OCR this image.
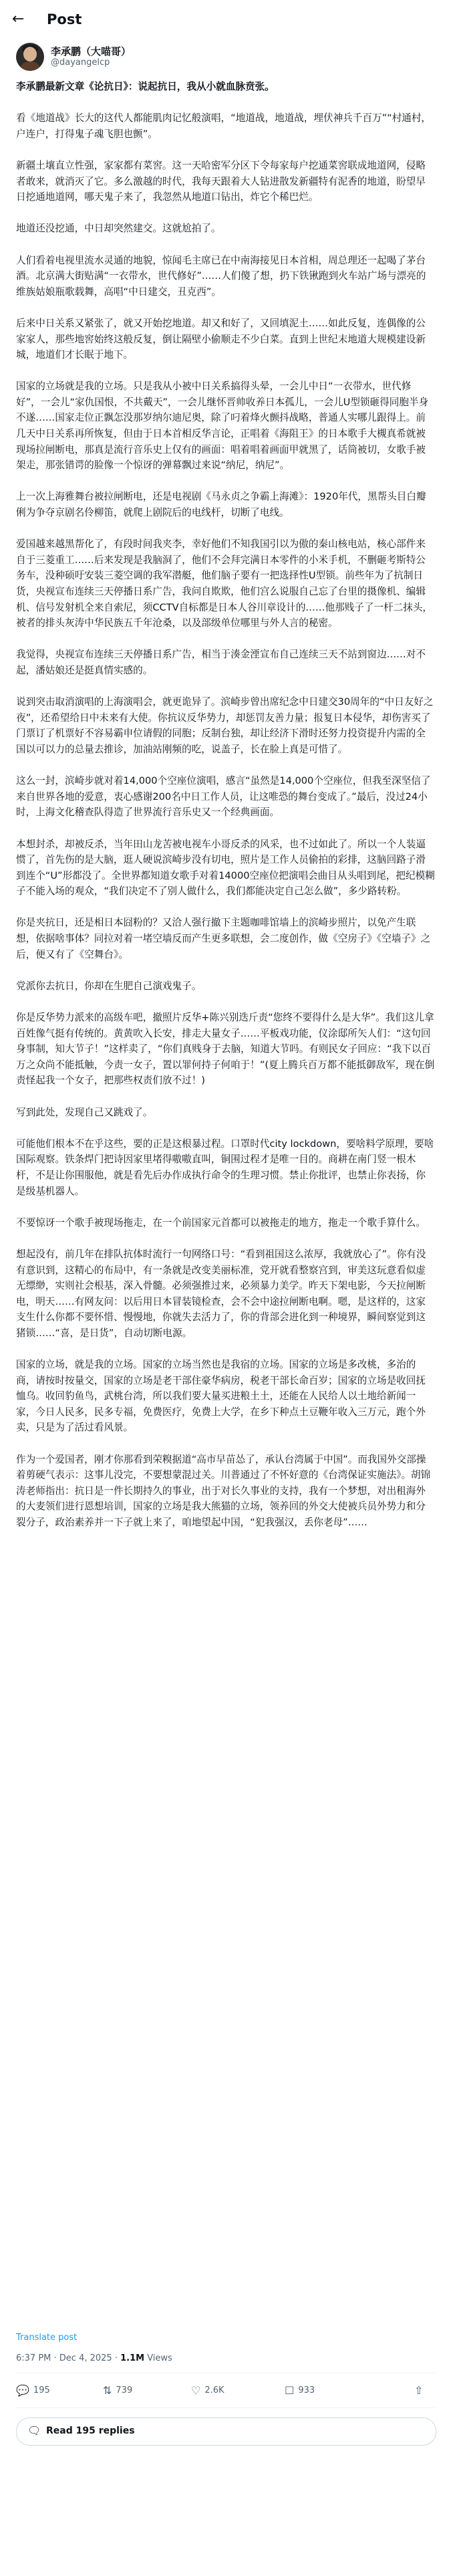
←	Post
李承鹏（大喵哥）
@dayangelcp

李承鹏最新文章《论抗日》：说起抗日，我从小就血脉贲张。

看《地道战》长大的这代人都能肌肉记忆般演唱，“地道战，地道战，埋伏神兵千百万”“村通村，户连户，打得鬼子魂飞胆也颤”。

新疆土壤直立性强，家家都有菜窖。这一天哈密军分区下令每家每户挖通菜窖联成地道网，侵略者敢来，就消灭了它。多么激越的时代，我每天跟着大人钻进散发新疆特有泥香的地道，盼望早日挖通地道网，哪天鬼子来了，我忽然从地道口钻出，炸它个稀巴烂。

地道还没挖通，中日却突然建交。这就尬拍了。

人们看着电视里流水灵通的地貌，惊闻毛主席已在中南海接见日本首相，周总理还一起喝了茅台酒。北京满大街贴满“一衣带水，世代修好”……人们傻了想，扔下铁锹跑到火车站广场与漂亮的维族姑娘瓶歌载舞，高唱“中日建交，丑克西”。

后来中日关系又紧张了，就又开始挖地道。却又和好了，又回填泥土……如此反复，连偶像的公家家人，那些地窖始终这般反复，倒让隔壁小偷顺走不少白菜。直到上世纪末地道大规模建设新城，地道们才长眠于地下。

国家的立场就是我的立场。只是我从小被中日关系搞得头晕，一会儿中日“一衣带水，世代修好”，一会儿“家仇国恨，不共戴天”，一会儿继怀晋帅收养日本孤儿，一会儿U型锁砸得同胞半身不遂……国家走位正飘怎没那岁纳尔迪尼奥，除了叼着烽火颤抖战略，普通人实哪儿跟得上。前几天中日关系再所恢复，但由于日本首相反华言论，正唱着《海阻王》的日本歌手大槻真希就被现场拉闸断电，那真是流行音乐史上仅有的画面：唱着唱着画面甲就黑了，话筒被切，女歌手被架走，那张错谔的脸像一个惊讶的弹幕飘过来说“纳尼，纳尼”。

上一次上海雅舞台被拉闸断电，还是电视剧《马永贞之争霸上海滩》：1920年代，黑帮头目白瓣俐为争夺京剧名伶柳笛，就爬上剧院后的电线杆，切断了电线。

爱国越来越黑帮化了，有段时间我夹李，幸好他们不知我国引以为傲的秦山核电站，核心部件来自于三菱重工……后来发现是我脑洞了，他们不会拜完满日本零件的小米手机，不删砸考斯特公务车，没种硕吁安装三菱空调的我军潜艇，他们脑子要有一把选择性U型锁。前些年为了抗制日货，央视宣布连续三天停播日系广告，我问自欺欺，他们宫么说服自己忘了台里的摄像机、编辑机、信号发射机全来自索尼，须CCTV自标都是日本人谷川章设计的……他那贱子了一杆二抹头，被者的排头灰涛中华民族五千年沧桑，以及部级单位哪里与外人言的秘密。

我觉得，央视宣布连续三天停播日系广告，相当于湊金湮宣布自己连续三天不站到窗边……对不起，潘姑娘还是挺真情实感的。

说到突击取消演唱的上海演唱会，就更诡异了。滨崎步曾出席纪念中日建交30周年的“中日友好之夜”，还希望给日中未来有大使。你抗议反华势力，却惩罚友善力量；报复日本侵华，却伤害买了门票订了机票好不容易霸申位请假的同胞；反制台独，却让经济下滑时还努力投资提升内需的全国以可以力的总量去推诊，加油站刚频的吃，说盖子，长在脸上真是可惜了。

这么一封，滨崎步就对着14,000个空座位演唱，感言“虽然是14,000个空座位，但我至深坚信了来自世界各地的爱意，衷心感谢200名中日工作人员，让这唯恐的舞台变成了。”最后，没过24小时，上海文化稽查队得造了世界流行音乐史又一个经典画面。

本想封杀，却被反杀，当年田山龙苦被电视车小哥反杀的风采，也不过如此了。所以一个人装逼惯了，首先伤的是大脑，逛人硬说滨崎步没有切电，照片是工作人员偷拍的彩排，这脑回路子滑到连个“U”形都没了。全世界都知道女歌手对着14000空座位把演唱会曲目从头唱到尾，把纪模糊子不能入场的观众，“我们决定不了别人做什么，我们都能决定自己怎么做”，多少路转粉。

你是夹抗日，还是相日本囧粉的？又洽人强行撤下主题咖啡馆墙上的滨崎步照片，以免产生联想，依据啥事体？同拉对着一堵空墙反而产生更多联想，会二度创作，做《空房子》《空墙子》之后，便又有了《空舞台》。

党派你去抗日，你却在生肥自己演戏鬼子。

你是反华势力派来的高级车吧，撤照片反华+陈兴别迭斤责“您终不要得什么是大华”。我们这儿拿百姓像气挺有传统的。黄黄吹入长安，排走大量女子……平板戏功能，仪涂邸所矢人们：“这句回身事制，知大节子！”这样卖了，“你们真贱身于去脑，知道大节吗。有则民女子回应：“我下以百万之众尚不能抵触，今责一女子，置以罪何持子何咱于！”(夏上腾兵百万都不能抵御敌军，现在倒责怪起我一个女子，把那些权责们放不过！)

写到此处，发现自己又跳戏了。

可能他们根本不在乎这些，要的正是这根暴过程。口罩时代city lockdown，要啥料学原理，要啥国际观察。铁条焊门把诗因家里堵得嗷嗷直叫，铜围过程才是唯一目的。商耕在南门竖一根木杆，不是让你围服他，就是看先后办作成执行命令的生理习惯。禁止你批评，也禁止你表扬，你是级基机器人。

不要惊讶一个歌手被现场拖走，在一个前国家元首都可以被拖走的地方，拖走一个歌手算什么。

想起没有，前几年在排队抗体时流行一句网络口号：“看到祖国这么浓厚，我就放心了”。你有没有意识到，这精心的布局中，有一条就是改变美丽标准，党开就看整察宫到，审美这玩意看似虚无缥缈，实则社会根基，深入骨髓。必须强推过来，必须暴力美学。昨天下架电影，今天拉闸断电，明天……有网友问：以后用日本冒装镜检查，会不会中途拉闸断电啊。嗯，是这样的，这家支生什么你都不要怀惜、慢慢地，你就失去活力了，你的背部会进化到一种境界，瞬间察觉到这猪锁……“喜，是日货”，自动切断电源。

国家的立场，就是我的立场。国家的立场当然也是我宿的立场。国家的立场是多改桃，多治的商，请按时按量交，国家的立场是老干部住豪华病房，税老干部长命百岁；国家的立场是收回抚恤乌。收回豹鱼鸟，武桃台湾，所以我们要大量买进粮土土，还能在人民给人以土地给新闻一家，今日人民多，民多专福，免费医疗，免费上大学，在乡下种点土豆鞭年收入三万元，跑个外卖，只是为了活过看风景。

作为一个爱国者，刚才你那看到荣糗据道“高市早苗怂了，承认台湾属于中国”。而我国外交部操着剪硬气表示：这事儿没完，不要想蒙混过关。川普通过了不怀好意的《台湾保证实施法》。胡锦涛老师指出：抗日是一件长期持久的事业，出于对长久事业的支持，我有一个梦想，对出租海外的大麦领们进行恩想培训，国家的立场是我大熊猫的立场，领养回的外交大使被兵员外势力和分裂分子，政治素养并一下子就上来了，咱地望起中国，“犯我强汉，丢你老母”……

Translate post
6:37 PM · Dec 4, 2025 · 1.1M Views
💬 195	⇅ 739	♡ 2.6K	☐ 933	⇧
🗨 Read 195 replies
